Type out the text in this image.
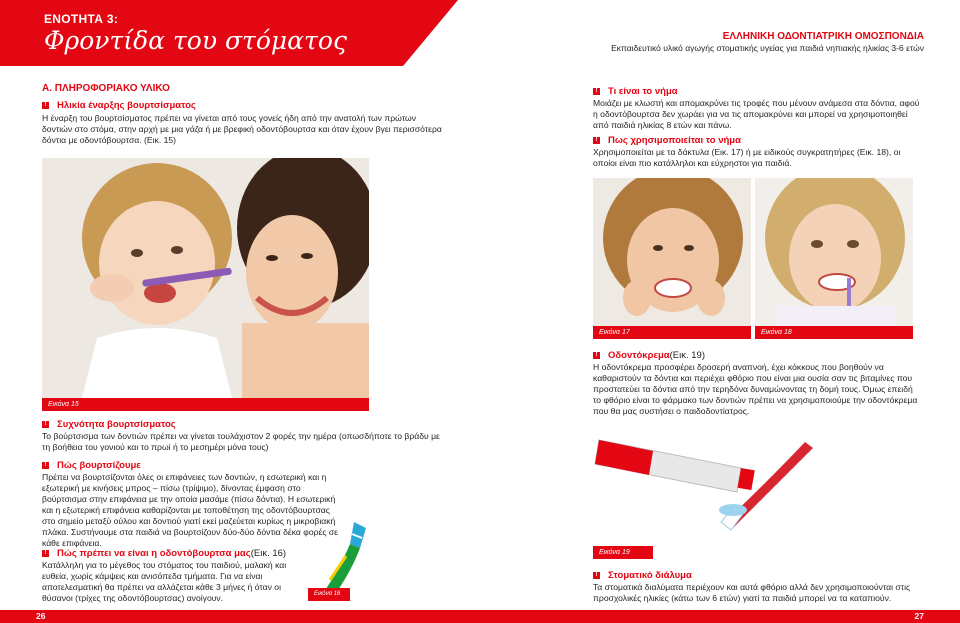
ΕΝΟΤΗΤΑ 3:
Φροντίδα του στόματος	ΕΛΛΗΝΙΚΗ ΟΔΟΝΤΙΑΤΡΙΚΗ ΟΜΟΣΠΟΝΔΙΑ
Εκπαιδευτικό υλικό αγωγής στοματικής υγείας για παιδιά νηπιακής ηλικίας 3-6 ετών
Α. ΠΛΗΡΟΦΟΡΙΑΚΟ ΥΛΙΚΟ
! Ηλικία έναρξης βουρτσίσματος
Η έναρξη του βουρτσίσματος πρέπει να γίνεται από τους γονείς ήδη από την ανατολή των πρώτων δοντιών στο στόμα, στην αρχή με μια γάζα ή με βρεφική οδοντόβουρτσα και όταν έχουν βγει περισσότερα δόντια με οδοντόβουρτσα. (Εικ. 15)
Εικόνα 15
! Συχνότητα βουρτσίσματος
Το βούρτσισμα των δοντιών πρέπει να γίνεται τουλάχιστον 2 φορές την ημέρα (οπωσδήποτε το βράδυ με τη βοήθεια του γονιού και το πρωί ή το μεσημέρι μόνα τους)
! Πώς βουρτσίζουμε
Πρέπει να βουρτσίζονται όλες οι επιφάνειες των δοντιών, η εσωτερική και η εξωτερική με κινήσεις μπρος – πίσω (τρίψιμο), δίνοντας έμφαση στο βούρτσισμα στην επιφάνεια με την οποία μασάμε (πίσω δόντια). Η εσωτερική και η εξωτερική επιφάνεια καθαρίζονται με τοποθέτηση της οδοντόβουρτσας στο σημείο μεταξύ ούλου και δοντιού γιατί εκεί μαζεύεται κυρίως η μικροβιακή πλάκα. Συστήνουμε στα παιδιά να βουρτσίζουν δύο-δύο δόντια δέκα φορές σε κάθε επιφάνεια.
! Πώς πρέπει να είναι η οδοντόβουρτσα μας (Εικ. 16)
Κατάλληλη για το μέγεθος του στόματος του παιδιού, μαλακή και ευθεία, χωρίς κάμψεις και ανισόπεδα τμήματα. Για να είναι αποτελεσματική θα πρέπει να αλλάζεται κάθε 3 μήνες ή όταν οι θύσανοι (τρίχες της οδοντόβουρτσας) ανοίγουν.	Εικόνα 16
26
! Τι είναι το νήμα
Μοιάζει με κλωστή και απομακρύνει τις τροφές που μένουν ανάμεσα στα δόντια, αφού η οδοντόβουρτσα δεν χωράει για να τις απομακρύνει και μπορεί να χρησιμοποιηθεί από παιδιά ηλικίας 8 ετών και πάνω.
! Πως χρησιμοποιείται το νήμα
Χρησιμοποιείται με τα δάκτυλα (Εικ. 17) ή με ειδικούς συγκρατητήρες (Εικ. 18), οι οποίοι είναι πιο κατάλληλοι και εύχρηστοι για παιδιά.
Εικόνα 17	Εικόνα 18
! Οδοντόκρεμα (Εικ. 19)
Η οδοντόκρεμα προσφέρει δροσερή αναπνοή, έχει κόκκους που βοηθούν να καθαριστούν τα δόντια και περιέχει φθόριο που είναι μια ουσία σαν τις βιταμίνες που προστατεύει τα δόντια από την τερηδόνα δυναμώνοντας τη δομή τους. Όμως επειδή το φθόριο είναι το φάρμακο των δοντιών πρέπει να χρησιμοποιούμε την οδοντόκρεμα που θα μας συστήσει ο παιδοδοντίατρος.
Εικόνα 19
! Στοματικό διάλυμα
Τα στοματικά διαλύματα περιέχουν και αυτά φθόριο αλλά δεν χρησιμοποιούνται στις προσχολικές ηλικίες (κάτω των 6 ετών) γιατί τα παιδιά μπορεί να τα καταπιούν.
27
